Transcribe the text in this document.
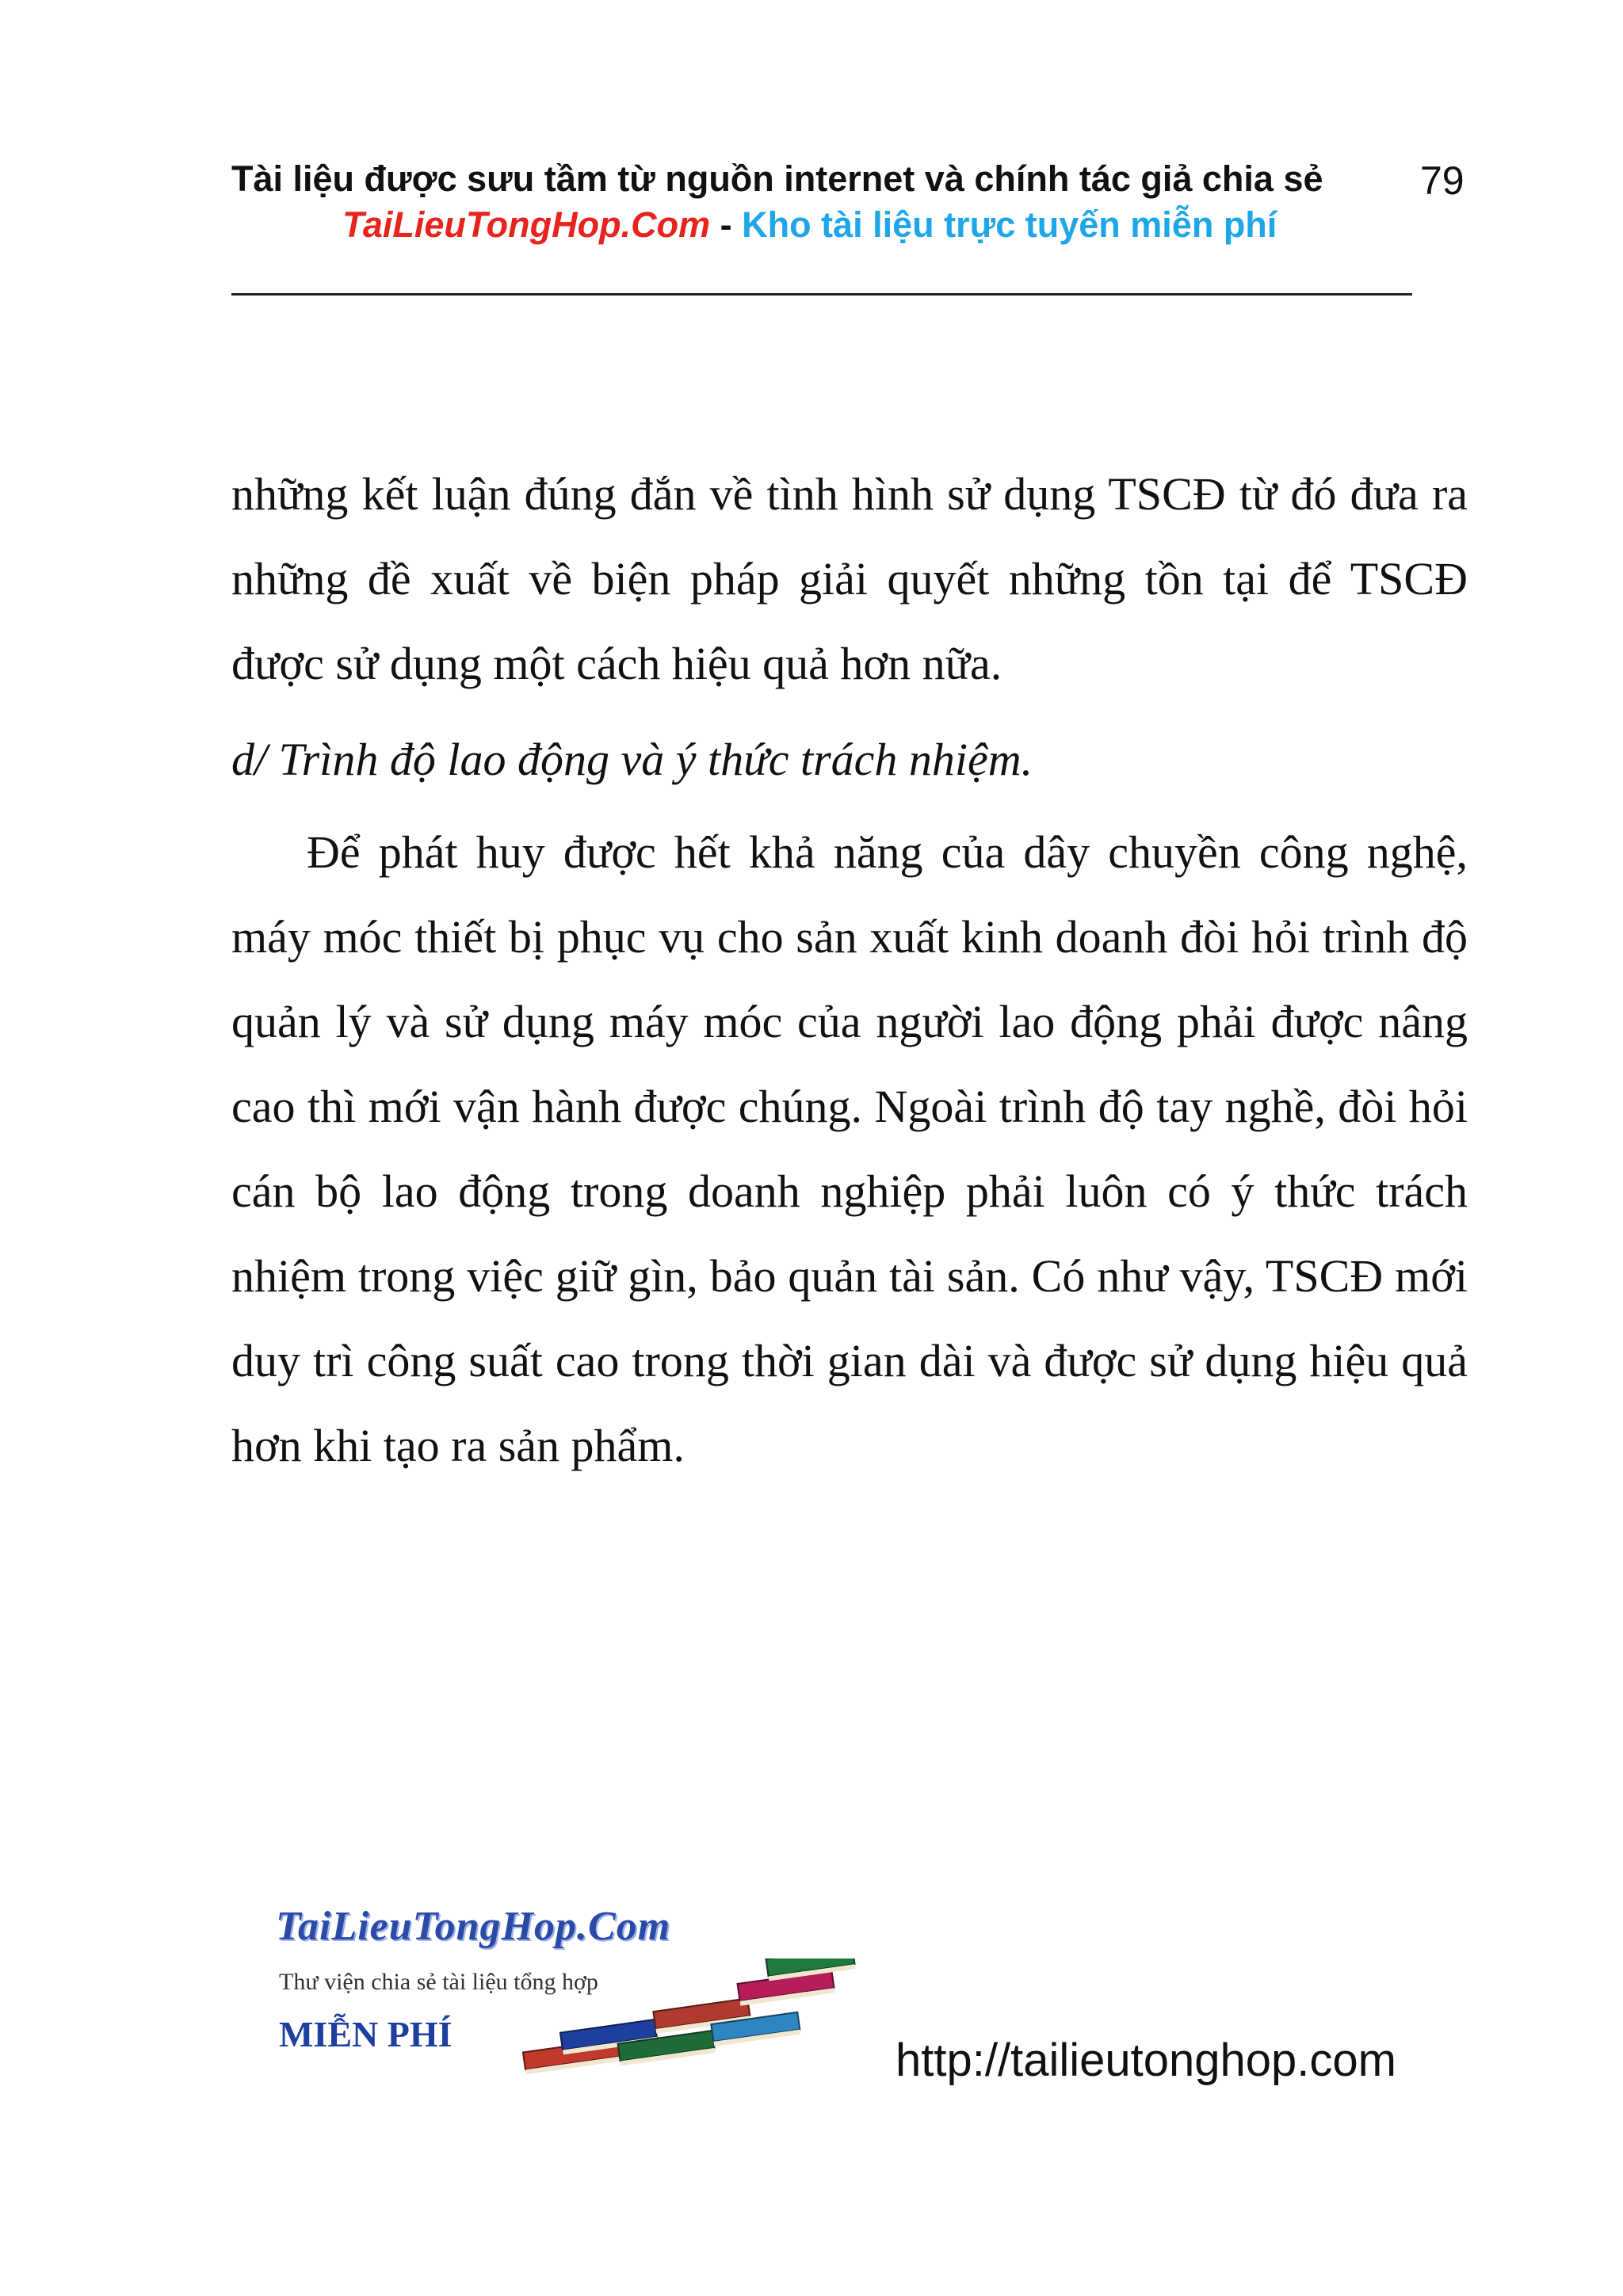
Tài liệu được sưu tầm từ nguồn internet và chính tác giả chia sẻ	79
TaiLieuTongHop.Com - Kho tài liệu trực tuyến miễn phí

những kết luận đúng đắn về tình hình sử dụng TSCĐ từ đó đưa ra những đề xuất về biện pháp giải quyết những tồn tại để TSCĐ được sử dụng một cách hiệu quả hơn nữa.

d/ Trình độ lao động và ý thức trách nhiệm.

Để phát huy được hết khả năng của dây chuyền công nghệ, máy móc thiết bị phục vụ cho sản xuất kinh doanh đòi hỏi trình độ quản lý và sử dụng máy móc của người lao động phải được nâng cao thì mới vận hành được chúng. Ngoài trình độ tay nghề, đòi hỏi cán bộ lao động trong doanh nghiệp phải luôn có ý thức trách nhiệm trong việc giữ gìn, bảo quản tài sản. Có như vậy, TSCĐ mới duy trì công suất cao trong thời gian dài và được sử dụng hiệu quả hơn khi tạo ra sản phẩm.

TaiLieuTongHop.Com
Thư viện chia sẻ tài liệu tổng hợp
MIỄN PHÍ
http://tailieutonghop.com
